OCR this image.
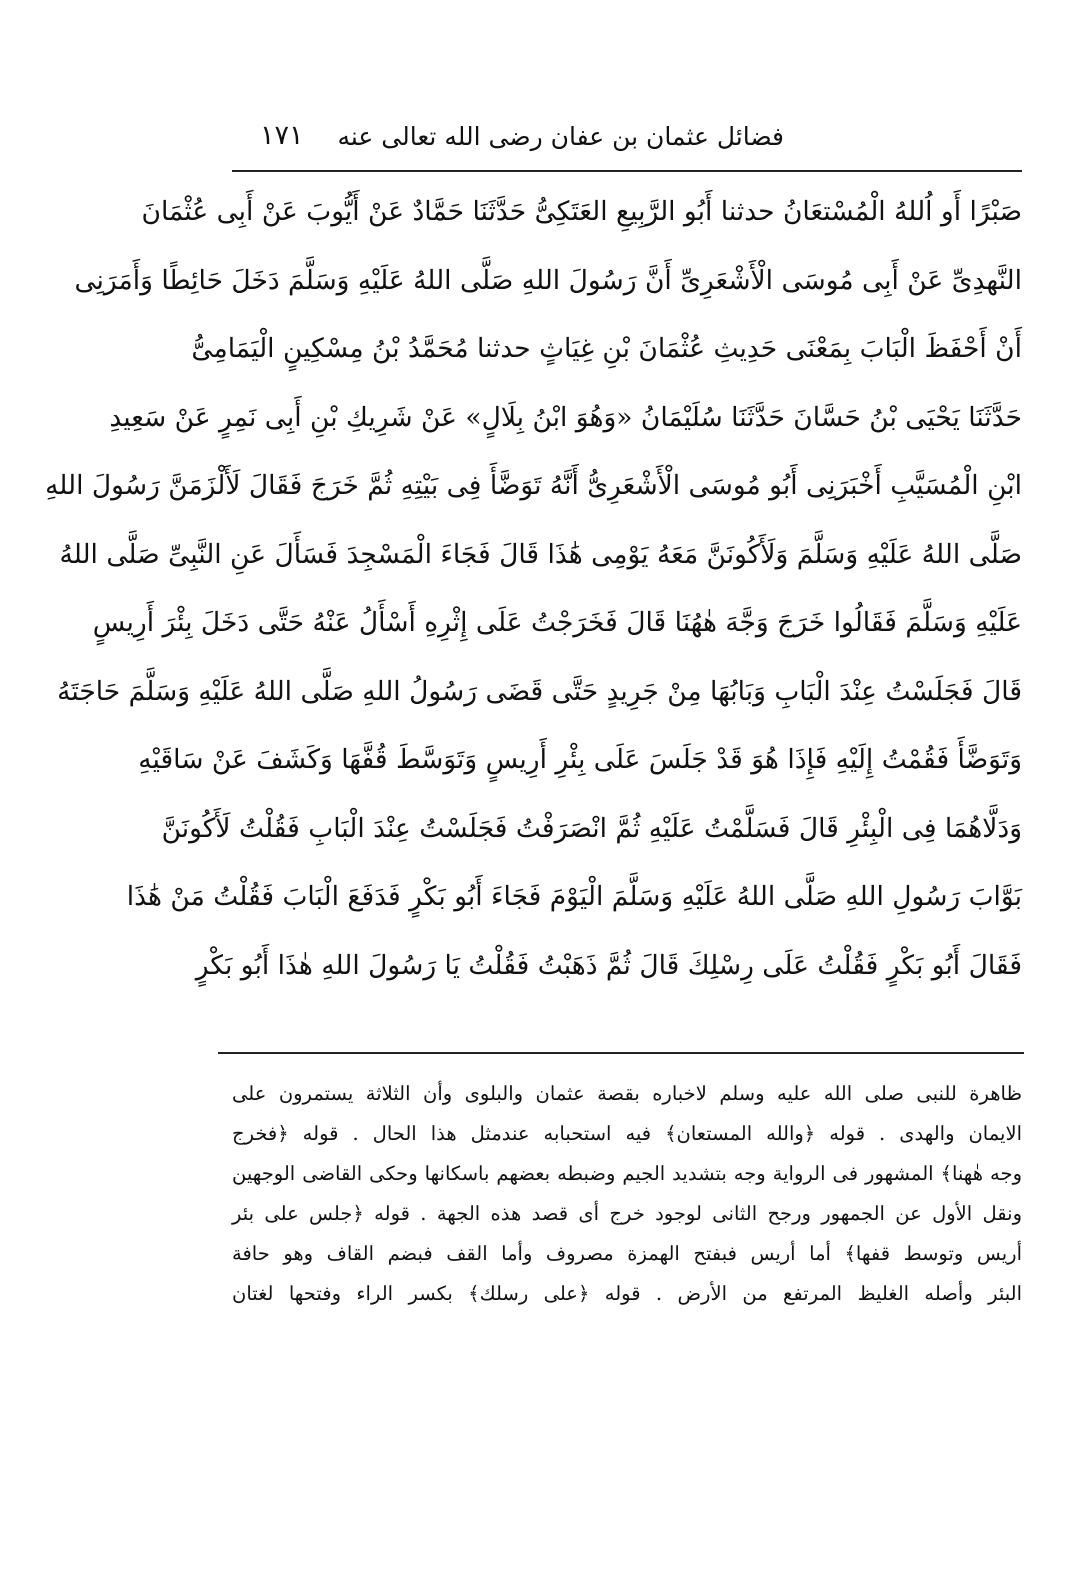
فضائل عثمان بن عفان رضى الله تعالى عنه
١٧١
صَبْرًا أَو اُللهُ الْمُسْتعَانُ حدثنا أَبُو الرَّبِيعِ العَتَكِىُّ حَدَّثَنَا حَمَّادٌ عَنْ أَيُّوبَ عَنْ أَبِى عُثْمَانَ
النَّهدِىِّ عَنْ أَبِى مُوسَى الْأَشْعَرِىِّ أَنَّ رَسُولَ اللهِ صَلَّى اللهُ عَلَيْهِ وَسَلَّمَ دَخَلَ حَائِطًا وَأَمَرَنِى
أَنْ أَحْفَظَ الْبَابَ بِمَعْنَى حَدِيثِ عُثْمَانَ بْنِ غِيَاثٍ حدثنا مُحَمَّدُ بْنُ مِسْكِينٍ الْيَمَامِىُّ
حَدَّثَنَا يَحْيَى بْنُ حَسَّانَ حَدَّثَنَا سُلَيْمَانُ «وَهُوَ ابْنُ بِلَالٍ» عَنْ شَرِيكِ بْنِ أَبِى نَمِرٍ عَنْ سَعِيدِ
ابْنِ الْمُسَيَّبِ أَخْبَرَنِى أَبُو مُوسَى الْأَشْعَرِىُّ أَنَّهُ تَوَضَّأَ فِى بَيْتِهِ ثُمَّ خَرَجَ فَقَالَ لَأَلْزَمَنَّ رَسُولَ اللهِ
صَلَّى اللهُ عَلَيْهِ وَسَلَّمَ وَلَأَكُونَنَّ مَعَهُ يَوْمِى هَٰذَا قَالَ فَجَاءَ الْمَسْجِدَ فَسَأَلَ عَنِ النَّبِىِّ صَلَّى اللهُ
عَلَيْهِ وَسَلَّمَ فَقَالُوا خَرَجَ وَجَّهَ هٰهُنَا قَالَ فَخَرَجْتُ عَلَى إِثْرِهِ أَسْأَلُ عَنْهُ حَتَّى دَخَلَ بِئْرَ أَرِيسٍ
قَالَ فَجَلَسْتُ عِنْدَ الْبَابِ وَبَابُهَا مِنْ جَرِيدٍ حَتَّى قَضَى رَسُولُ اللهِ صَلَّى اللهُ عَلَيْهِ وَسَلَّمَ حَاجَتَهُ
وَتَوَضَّأَ فَقُمْتُ إِلَيْهِ فَإِذَا هُوَ قَدْ جَلَسَ عَلَى بِئْرِ أَرِيسٍ وَتَوَسَّطَ قُفَّهَا وَكَشَفَ عَنْ سَاقَيْهِ
وَدَلَّاهُمَا فِى الْبِئْرِ قَالَ فَسَلَّمْتُ عَلَيْهِ ثُمَّ انْصَرَفْتُ فَجَلَسْتُ عِنْدَ الْبَابِ فَقُلْتُ لَأَكُونَنَّ
بَوَّابَ رَسُولِ اللهِ صَلَّى اللهُ عَلَيْهِ وَسَلَّمَ الْيَوْمَ فَجَاءَ أَبُو بَكْرٍ فَدَفَعَ الْبَابَ فَقُلْتُ مَنْ هَٰذَا
فَقَالَ أَبُو بَكْرٍ فَقُلْتُ عَلَى رِسْلِكَ قَالَ ثُمَّ ذَهَبْتُ فَقُلْتُ يَا رَسُولَ اللهِ هٰذَا أَبُو بَكْرٍ
ظاهرة للنبى صلى الله عليه وسلم لاخباره بقصة عثمان والبلوى وأن الثلاثة يستمرون على
الايمان والهدى . قوله ﴿والله المستعان﴾ فيه استحبابه عندمثل هذا الحال . قوله ﴿فخرج
وجه هٰهنا﴾ المشهور فى الرواية وجه بتشديد الجيم وضبطه بعضهم باسكانها وحكى القاضى الوجهين
ونقل الأول عن الجمهور ورجح الثانى لوجود خرج أى قصد هذه الجهة . قوله ﴿جلس على بئر
أريس وتوسط قفها﴾ أما أريس فبفتح الهمزة مصروف وأما القف فبضم القاف وهو حافة
البئر وأصله الغليظ المرتفع من الأرض . قوله ﴿على رسلك﴾ بكسر الراء وفتحها لغتان
